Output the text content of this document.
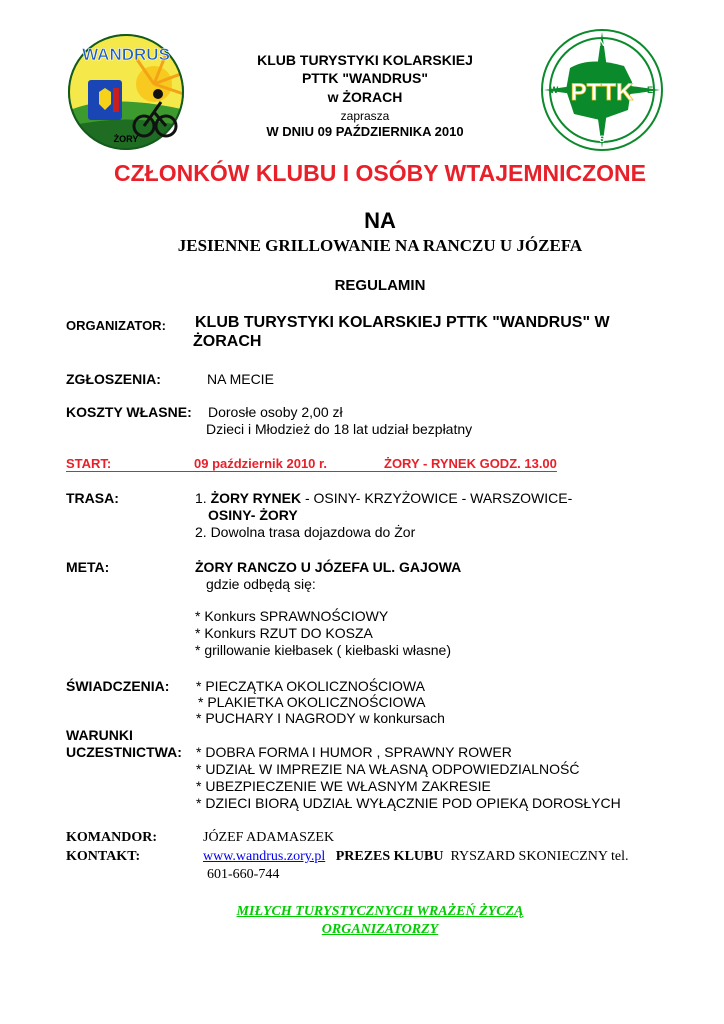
WANDRUS
ŻORY
PTTK
N
S
E
W
KLUB TURYSTYKI KOLARSKIEJ
PTTK "WANDRUS"
w ŻORACH
zaprasza
W DNIU 09 PAŹDZIERNIKA 2010
CZŁONKÓW KLUBU I OSÓBY WTAJEMNICZONE
NA
JESIENNE GRILLOWANIE NA RANCZU U JÓZEFA
REGULAMIN
ORGANIZATOR: KLUB TURYSTYKI KOLARSKIEJ PTTK "WANDRUS" W
ŻORACH
ZGŁOSZENIA:	NA MECIE
KOSZTY WŁASNE: Dorosłe osoby 2,00 zł
Dzieci i Młodzież do 18 lat udział bezpłatny
START:	09 październik 2010 r.	ŻORY - RYNEK GODZ. 13.00
TRASA:	1. ŻORY RYNEK - OSINY- KRZYŻOWICE - WARSZOWICE-
OSINY- ŻORY
2. Dowolna trasa dojazdowa do Żor
META:	ŻORY RANCZO U JÓZEFA UL. GAJOWA
gdzie odbędą się:
* Konkurs SPRAWNOŚCIOWY
* Konkurs RZUT DO KOSZA
* grillowanie kiełbasek ( kiełbaski własne)
ŚWIADCZENIA: * PIECZĄTKA OKOLICZNOŚCIOWA
* PLAKIETKA OKOLICZNOŚCIOWA
* PUCHARY I NAGRODY w konkursach
WARUNKI
UCZESTNICTWA: * DOBRA FORMA I HUMOR , SPRAWNY ROWER
* UDZIAŁ W IMPREZIE NA WŁASNĄ ODPOWIEDZIALNOŚĆ
* UBEZPIECZENIE WE WŁASNYM ZAKRESIE
* DZIECI BIORĄ UDZIAŁ WYŁĄCZNIE POD OPIEKĄ DOROSŁYCH
KOMANDOR:	JÓZEF ADAMASZEK
KONTAKT:	www.wandrus.zory.pl PREZES KLUBU RYSZARD SKONIECZNY tel.
601-660-744
MIŁYCH TURYSTYCZNYCH WRAŻEŃ ŻYCZĄ
ORGANIZATORZY
